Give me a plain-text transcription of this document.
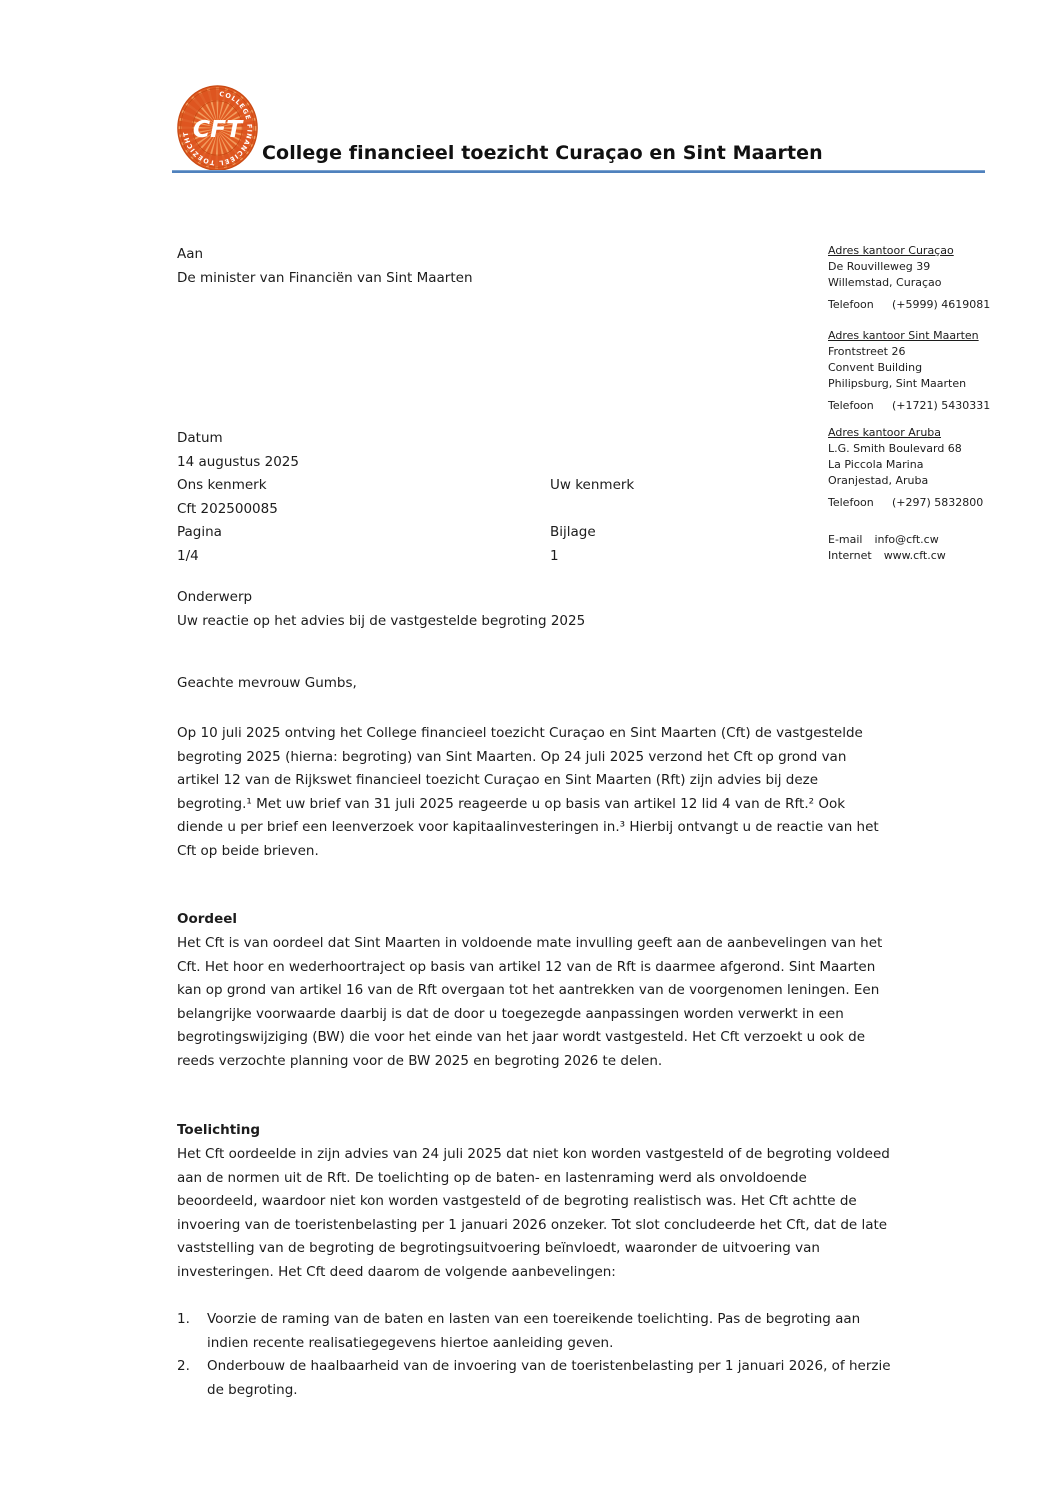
COLLEGE FINANCIEEL TOEZICHT CFT
College financieel toezicht Curaçao en Sint Maarten
Aan
De minister van Financiën van Sint Maarten
Datum
14 augustus 2025
Ons kenmerk
Cft 202500085
Pagina
1/4
Uw kenmerk
Bijlage
1
Onderwerp
Uw reactie op het advies bij de vastgestelde begroting 2025
Geachte mevrouw Gumbs,
Op 10 juli 2025 ontving het College financieel toezicht Curaçao en Sint Maarten (Cft) de vastgestelde begroting 2025 (hierna: begroting) van Sint Maarten. Op 24 juli 2025 verzond het Cft op grond van artikel 12 van de Rijkswet financieel toezicht Curaçao en Sint Maarten (Rft) zijn advies bij deze begroting.¹ Met uw brief van 31 juli 2025 reageerde u op basis van artikel 12 lid 4 van de Rft.² Ook diende u per brief een leenverzoek voor kapitaalinvesteringen in.³ Hierbij ontvangt u de reactie van het Cft op beide brieven.
Oordeel
Het Cft is van oordeel dat Sint Maarten in voldoende mate invulling geeft aan de aanbevelingen van het Cft. Het hoor en wederhoortraject op basis van artikel 12 van de Rft is daarmee afgerond. Sint Maarten kan op grond van artikel 16 van de Rft overgaan tot het aantrekken van de voorgenomen leningen. Een belangrijke voorwaarde daarbij is dat de door u toegezegde aanpassingen worden verwerkt in een begrotingswijziging (BW) die voor het einde van het jaar wordt vastgesteld. Het Cft verzoekt u ook de reeds verzochte planning voor de BW 2025 en begroting 2026 te delen.
Toelichting
Het Cft oordeelde in zijn advies van 24 juli 2025 dat niet kon worden vastgesteld of de begroting voldeed aan de normen uit de Rft. De toelichting op de baten- en lastenraming werd als onvoldoende beoordeeld, waardoor niet kon worden vastgesteld of de begroting realistisch was. Het Cft achtte de invoering van de toeristenbelasting per 1 januari 2026 onzeker. Tot slot concludeerde het Cft, dat de late vaststelling van de begroting de begrotingsuitvoering beïnvloedt, waaronder de uitvoering van investeringen. Het Cft deed daarom de volgende aanbevelingen:
1.	Voorzie de raming van de baten en lasten van een toereikende toelichting. Pas de begroting aan indien recente realisatiegegevens hiertoe aanleiding geven.
2.	Onderbouw de haalbaarheid van de invoering van de toeristenbelasting per 1 januari 2026, of herzie de begroting.
Adres kantoor Curaçao
De Rouvilleweg 39
Willemstad, Curaçao
Telefoon (+5999) 4619081
Adres kantoor Sint Maarten
Frontstreet 26
Convent Building
Philipsburg, Sint Maarten
Telefoon (+1721) 5430331
Adres kantoor Aruba
L.G. Smith Boulevard 68
La Piccola Marina
Oranjestad, Aruba
Telefoon (+297) 5832800
E-mail info@cft.cw
Internet www.cft.cw
